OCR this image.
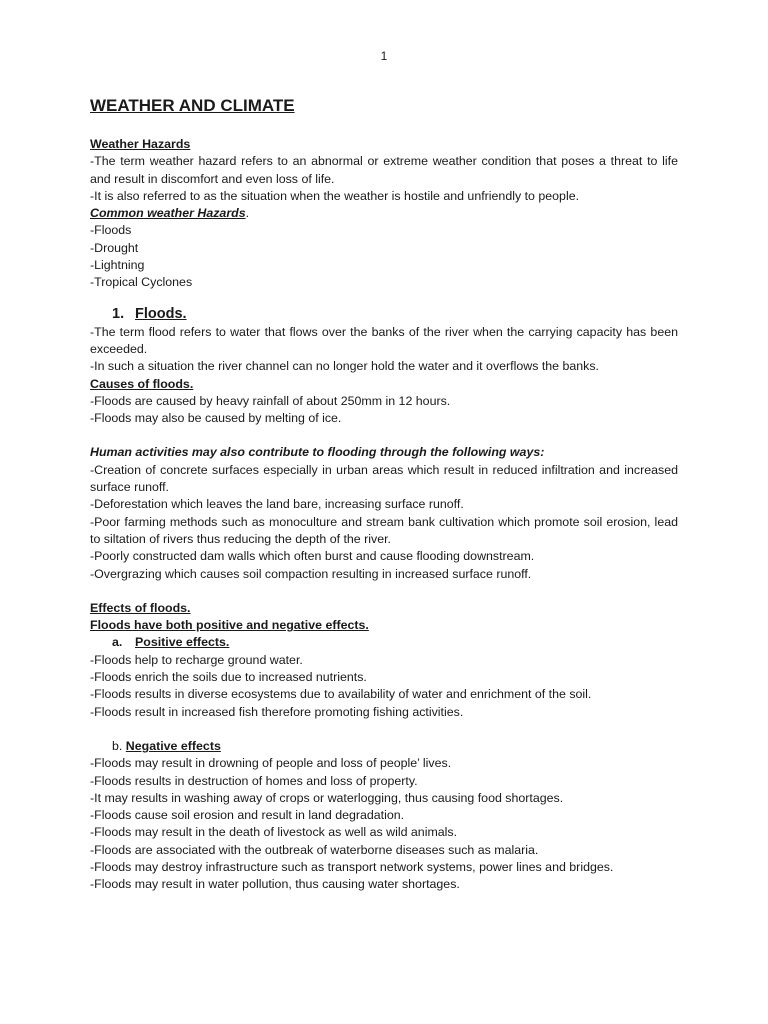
1
WEATHER AND CLIMATE
Weather Hazards
-The term weather hazard refers to an abnormal or extreme weather condition that poses a threat to life and result in discomfort and even loss of life.
-It is also referred to as the situation when the weather is hostile and unfriendly to people.
Common weather Hazards.
-Floods
-Drought
-Lightning
-Tropical Cyclones
1. Floods.
-The term flood refers to water that flows over the banks of the river when the carrying capacity has been exceeded.
-In such a situation the river channel can no longer hold the water and it overflows the banks.
Causes of floods.
-Floods are caused by heavy rainfall of about 250mm in 12 hours.
-Floods may also be caused by melting of ice.
Human activities may also contribute to flooding through the following ways:
-Creation of concrete surfaces especially in urban areas which result in reduced infiltration and increased surface runoff.
-Deforestation which leaves the land bare, increasing surface runoff.
-Poor farming methods such as monoculture and stream bank cultivation which promote soil erosion, lead to siltation of rivers thus reducing the depth of the river.
-Poorly constructed dam walls which often burst and cause flooding downstream.
-Overgrazing which causes soil compaction resulting in increased surface runoff.
Effects of floods.
Floods have both positive and negative effects.
a. Positive effects.
-Floods help to recharge ground water.
-Floods enrich the soils due to increased nutrients.
-Floods results in diverse ecosystems due to availability of water and enrichment of the soil.
-Floods result in increased fish therefore promoting fishing activities.
b. Negative effects
-Floods may result in drowning of people and loss of people’ lives.
-Floods results in destruction of homes and loss of property.
-It may results in washing away of crops or waterlogging, thus causing food shortages.
-Floods cause soil erosion and result in land degradation.
-Floods may result in the death of livestock as well as wild animals.
-Floods are associated with the outbreak of waterborne diseases such as malaria.
-Floods may destroy infrastructure such as transport network systems, power lines and bridges.
-Floods may result in water pollution, thus causing water shortages.
